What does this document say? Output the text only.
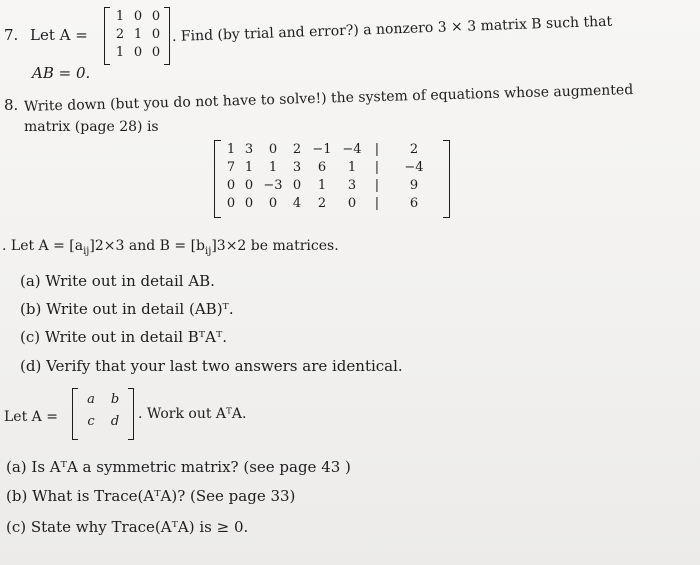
7. Let A =
1 0 0
2 1 0
1 0 0
. Find (by trial and error?) a nonzero 3 × 3 matrix B such that
AB = 0.
8. Write down (but you do not have to solve!) the system of equations whose augmented
matrix (page 28) is
1 3	0	2 −1 −4	|	2
7 1	1	3	6	1	|	−4
0 0 −3 0	1	3	|	9
0 0	0	4	2	0	|	6
. Let $A = [a_{ij}]2\times 3$ and $B = [b_{ij}]3\times 2$ be matrices.
(a) Write out in detail AB.
(b) Write out in detail (AB)ᵀ.
(c) Write out in detail BᵀAᵀ.
(d) Verify that your last two answers are identical.
Let A =
a	b
c	d	. Work out AᵀA.
(a) Is AᵀA a symmetric matrix? (see page 43 )
(b) What is Trace(AᵀA)? (See page 33)
(c) State why Trace(AᵀA) is ≥ 0.
